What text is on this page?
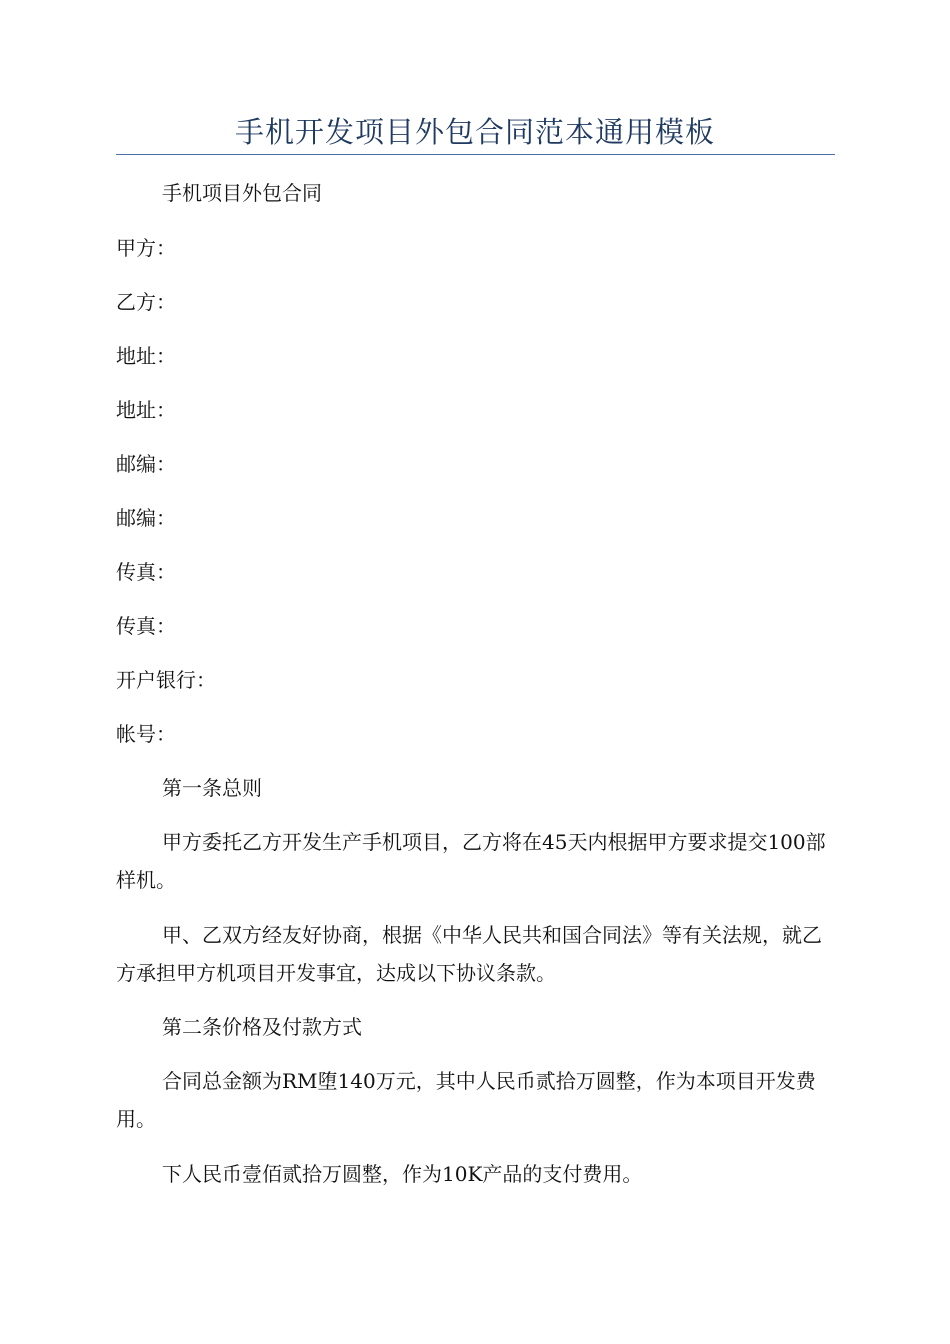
手机开发项目外包合同范本通用模板
手机项目外包合同
甲方：
乙方：
地址：
地址：
邮编：
邮编：
传真：
传真：
开户银行：
帐号：
第一条总则
甲方委托乙方开发生产手机项目，乙方将在45天内根据甲方要求提交100部样机。
甲、乙双方经友好协商，根据《中华人民共和国合同法》等有关法规，就乙方承担甲方机项目开发事宜，达成以下协议条款。
第二条价格及付款方式
合同总金额为RM堕140万元，其中人民币贰拾万圆整，作为本项目开发费用。
下人民币壹佰贰拾万圆整，作为10K产品的支付费用。
